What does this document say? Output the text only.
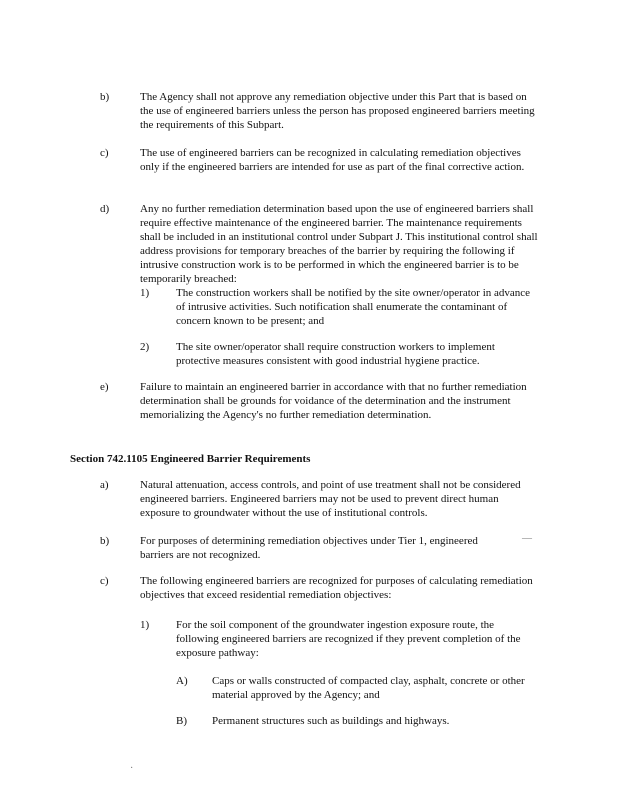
b)	The Agency shall not approve any remediation objective under this Part that is based on the use of engineered barriers unless the person has proposed engineered barriers meeting the requirements of this Subpart.
c)	The use of engineered barriers can be recognized in calculating remediation objectives only if the engineered barriers are intended for use as part of the final corrective action.
d)	Any no further remediation determination based upon the use of engineered barriers shall require effective maintenance of the engineered barrier. The maintenance requirements shall be included in an institutional control under Subpart J. This institutional control shall address provisions for temporary breaches of the barrier by requiring the following if intrusive construction work is to be performed in which the engineered barrier is to be temporarily breached:
1) The construction workers shall be notified by the site owner/operator in advance of intrusive activities. Such notification shall enumerate the contaminant of concern known to be present; and
2) The site owner/operator shall require construction workers to implement protective measures consistent with good industrial hygiene practice.
e)	Failure to maintain an engineered barrier in accordance with that no further remediation determination shall be grounds for voidance of the determination and the instrument memorializing the Agency's no further remediation determination.
Section 742.1105 Engineered Barrier Requirements
a)	Natural attenuation, access controls, and point of use treatment shall not be considered engineered barriers. Engineered barriers may not be used to prevent direct human exposure to groundwater without the use of institutional controls.
b)	For purposes of determining remediation objectives under Tier 1, engineered barriers are not recognized.
c)	The following engineered barriers are recognized for purposes of calculating remediation objectives that exceed residential remediation objectives:
1) For the soil component of the groundwater ingestion exposure route, the following engineered barriers are recognized if they prevent completion of the exposure pathway:
A) Caps or walls constructed of compacted clay, asphalt, concrete or other material approved by the Agency; and
B) Permanent structures such as buildings and highways.
—
·
